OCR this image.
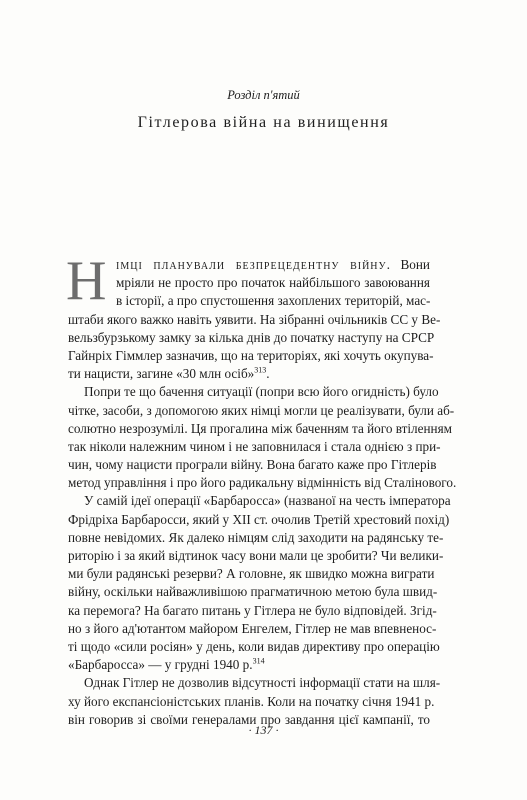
Розділ п'ятий
Гітлерова війна на винищення
Н імці планували безпрецедентну війну. Вони
мріяли не просто про початок найбільшого завоювання
в історії, а про спустошення захоплених територій, мас-
штаби якого важко навіть уявити. На зібранні очільників СС у Ве-
вельзбурзькому замку за кілька днів до початку наступу на СРСР
Гайнріх Гіммлер зазначив, що на територіях, які хочуть окупува-
ти нацисти, загине «30 млн осіб»$^{313}$.
Попри те що бачення ситуації (попри всю його огидність) було
чітке, засоби, з допомогою яких німці могли це реалізувати, були аб-
солютно незрозумілі. Ця прогалина між баченням та його втіленням
так ніколи належним чином і не заповнилася і стала однією з при-
чин, чому нацисти програли війну. Вона багато каже про Гітлерів
метод управління і про його радикальну відмінність від Сталінового.
У самій ідеї операції «Барбаросса» (названої на честь імператора
Фрідріха Барбаросси, який у XII ст. очолив Третій хрестовий похід)
повне невідомих. Як далеко німцям слід заходити на радянську те-
риторію і за який відтинок часу вони мали це зробити? Чи велики-
ми були радянські резерви? А головне, як швидко можна виграти
війну, оскільки найважливішою прагматичною метою була швид-
ка перемога? На багато питань у Гітлера не було відповідей. Згід-
но з його ад'ютантом майором Енгелем, Гітлер не мав впевненос-
ті щодо «сили росіян» у день, коли видав директиву про операцію
«Барбаросса» — у грудні 1940 р.$^{314}$
Однак Гітлер не дозволив відсутності інформації стати на шля-
ху його експансіоністських планів. Коли на початку січня 1941 р.
він говорив зі своїми генералами про завдання цієї кампанії, то
· 137 ·
